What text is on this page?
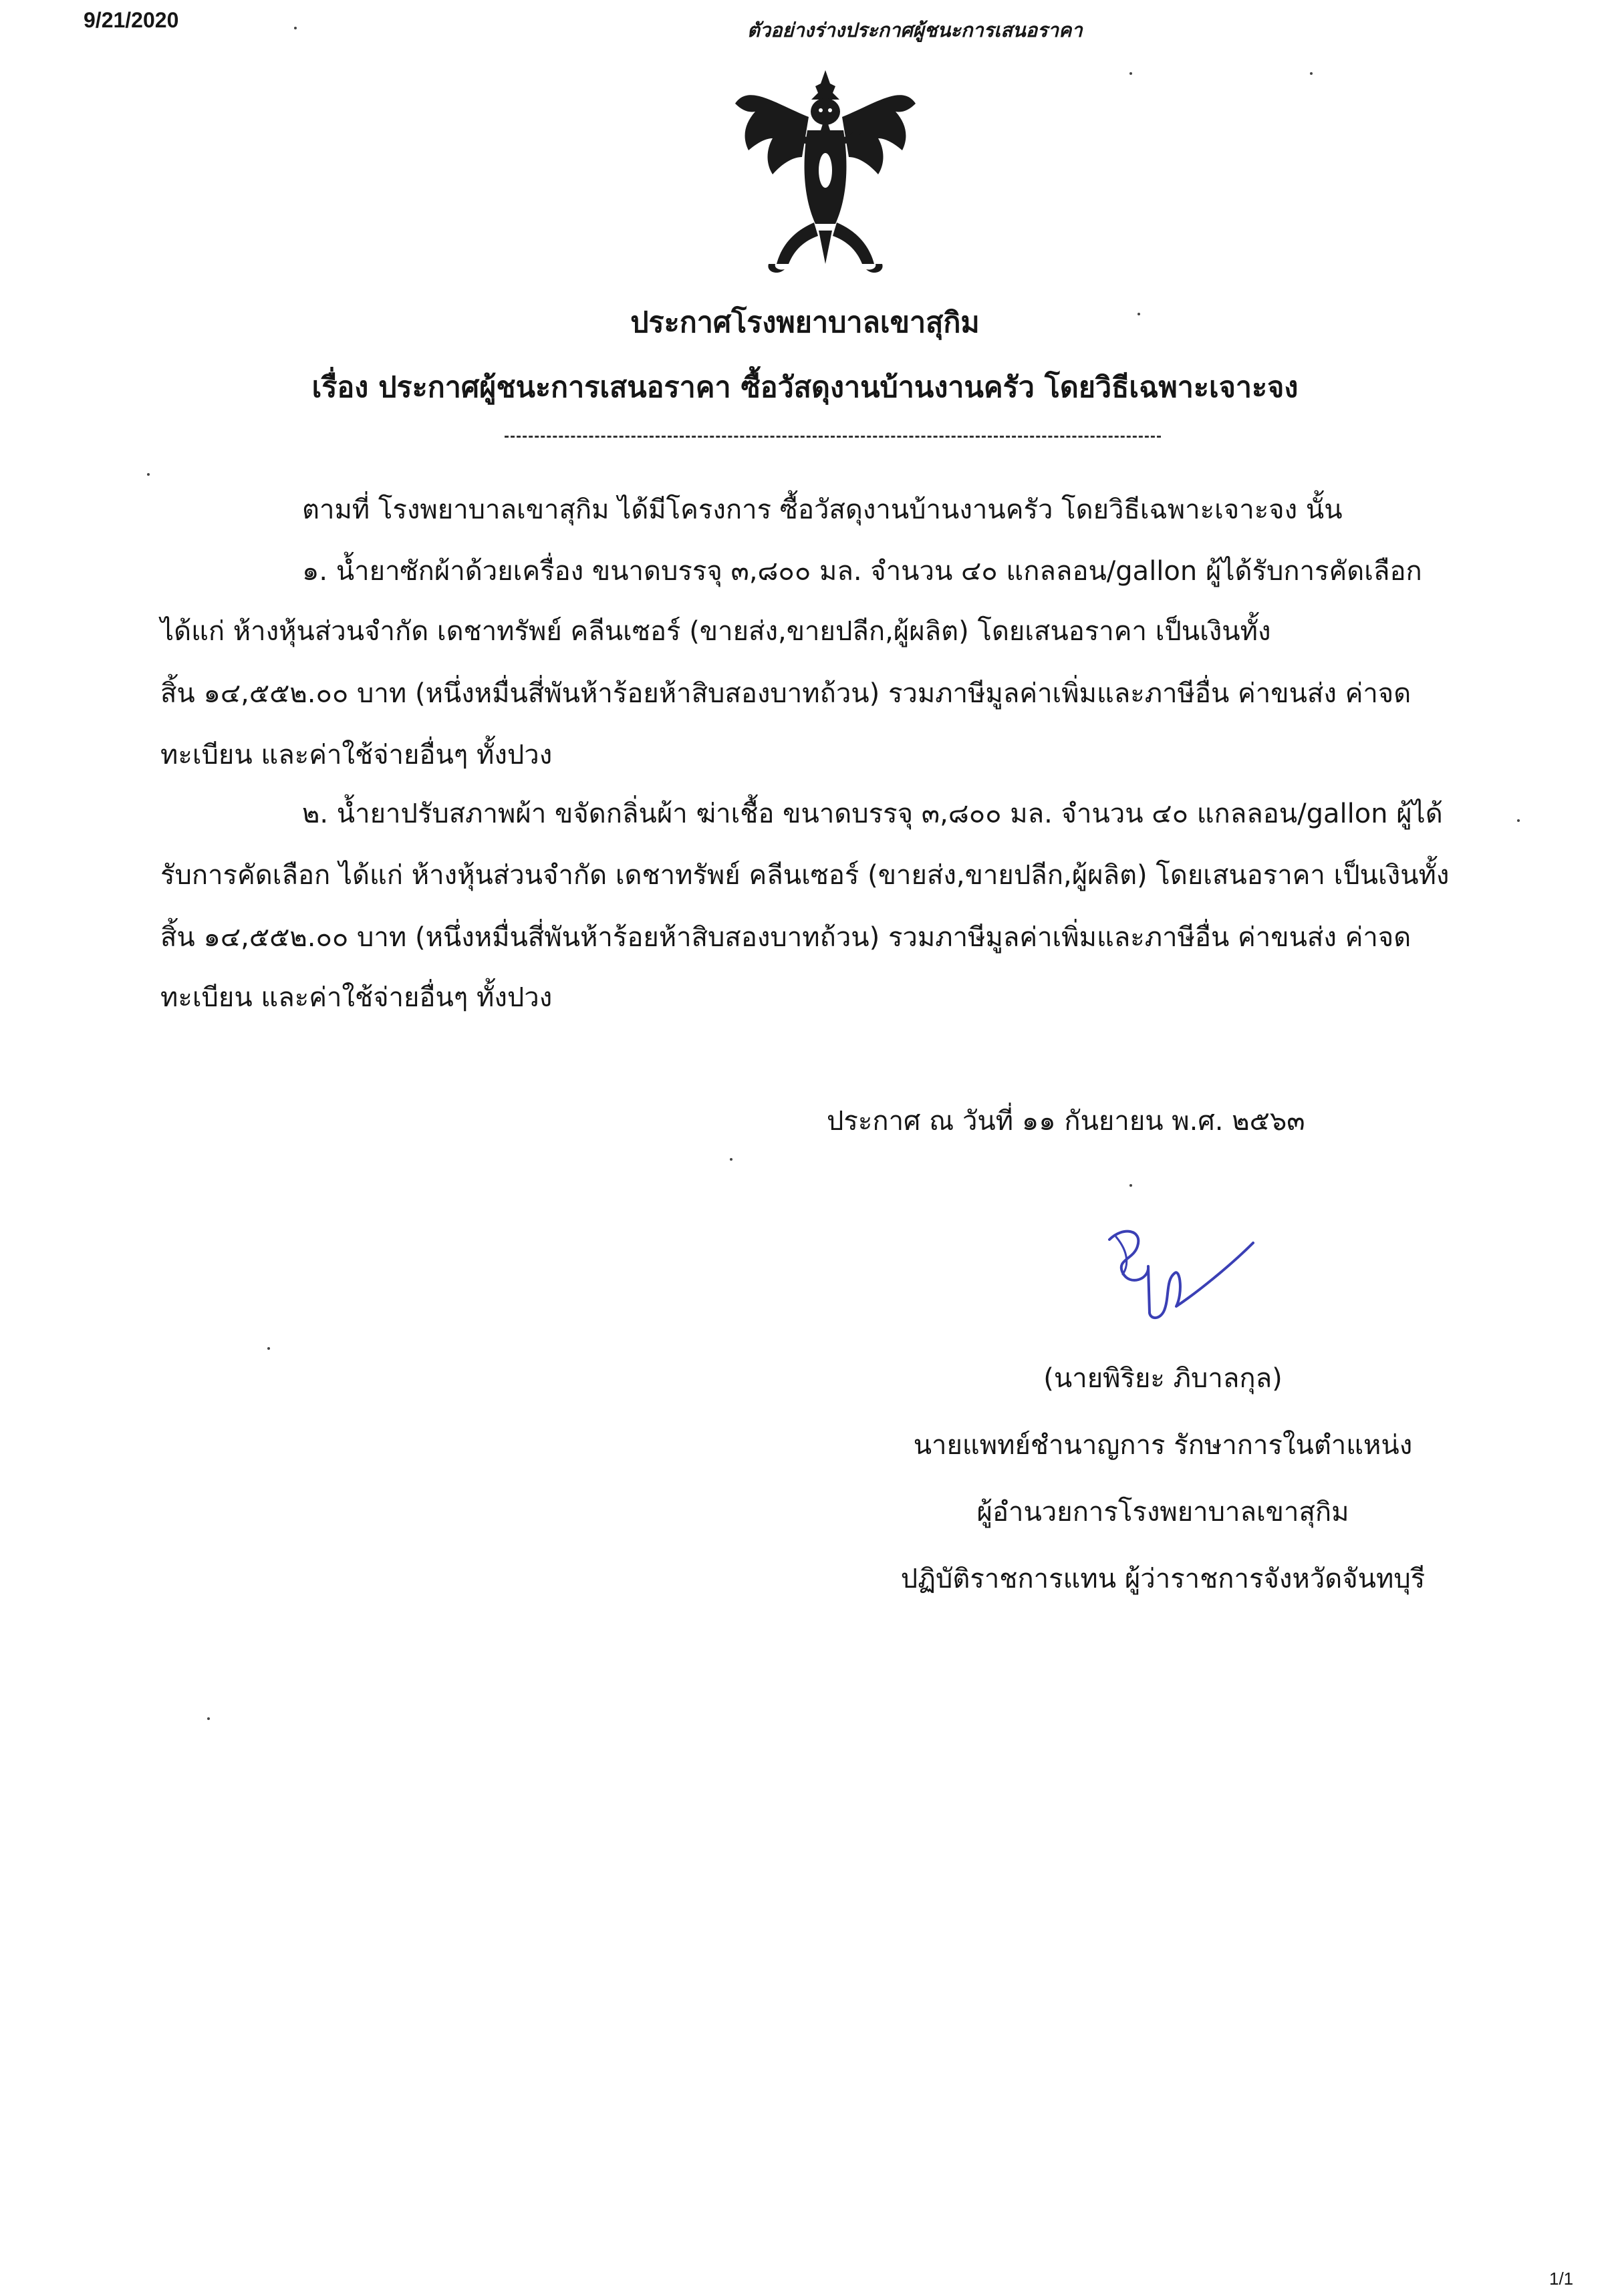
9/21/2020	ตัวอย่างร่างประกาศผู้ชนะการเสนอราคา
ประกาศโรงพยาบาลเขาสุกิม
เรื่อง ประกาศผู้ชนะการเสนอราคา ซื้อวัสดุงานบ้านงานครัว โดยวิธีเฉพาะเจาะจง
ตามที่ โรงพยาบาลเขาสุกิม ได้มีโครงการ ซื้อวัสดุงานบ้านงานครัว โดยวิธีเฉพาะเจาะจง นั้น
๑. น้ำยาซักผ้าด้วยเครื่อง ขนาดบรรจุ ๓,๘๐๐ มล. จำนวน ๔๐ แกลลอน/gallon ผู้ได้รับการคัดเลือก
ได้แก่ ห้างหุ้นส่วนจำกัด เดชาทรัพย์ คลีนเซอร์ (ขายส่ง,ขายปลีก,ผู้ผลิต) โดยเสนอราคา เป็นเงินทั้ง
สิ้น ๑๔,๕๕๒.๐๐ บาท (หนึ่งหมื่นสี่พันห้าร้อยห้าสิบสองบาทถ้วน) รวมภาษีมูลค่าเพิ่มและภาษีอื่น ค่าขนส่ง ค่าจด
ทะเบียน และค่าใช้จ่ายอื่นๆ ทั้งปวง
๒. น้ำยาปรับสภาพผ้า ขจัดกลิ่นผ้า ฆ่าเชื้อ ขนาดบรรจุ ๓,๘๐๐ มล. จำนวน ๔๐ แกลลอน/gallon ผู้ได้
รับการคัดเลือก ได้แก่ ห้างหุ้นส่วนจำกัด เดชาทรัพย์ คลีนเซอร์ (ขายส่ง,ขายปลีก,ผู้ผลิต) โดยเสนอราคา เป็นเงินทั้ง
สิ้น ๑๔,๕๕๒.๐๐ บาท (หนึ่งหมื่นสี่พันห้าร้อยห้าสิบสองบาทถ้วน) รวมภาษีมูลค่าเพิ่มและภาษีอื่น ค่าขนส่ง ค่าจด
ทะเบียน และค่าใช้จ่ายอื่นๆ ทั้งปวง
ประกาศ ณ วันที่ ๑๑ กันยายน พ.ศ. ๒๕๖๓
(นายพิริยะ ภิบาลกุล)
นายแพทย์ชำนาญการ รักษาการในตำแหน่ง
ผู้อำนวยการโรงพยาบาลเขาสุกิม
ปฏิบัติราชการแทน ผู้ว่าราชการจังหวัดจันทบุรี
1/1
